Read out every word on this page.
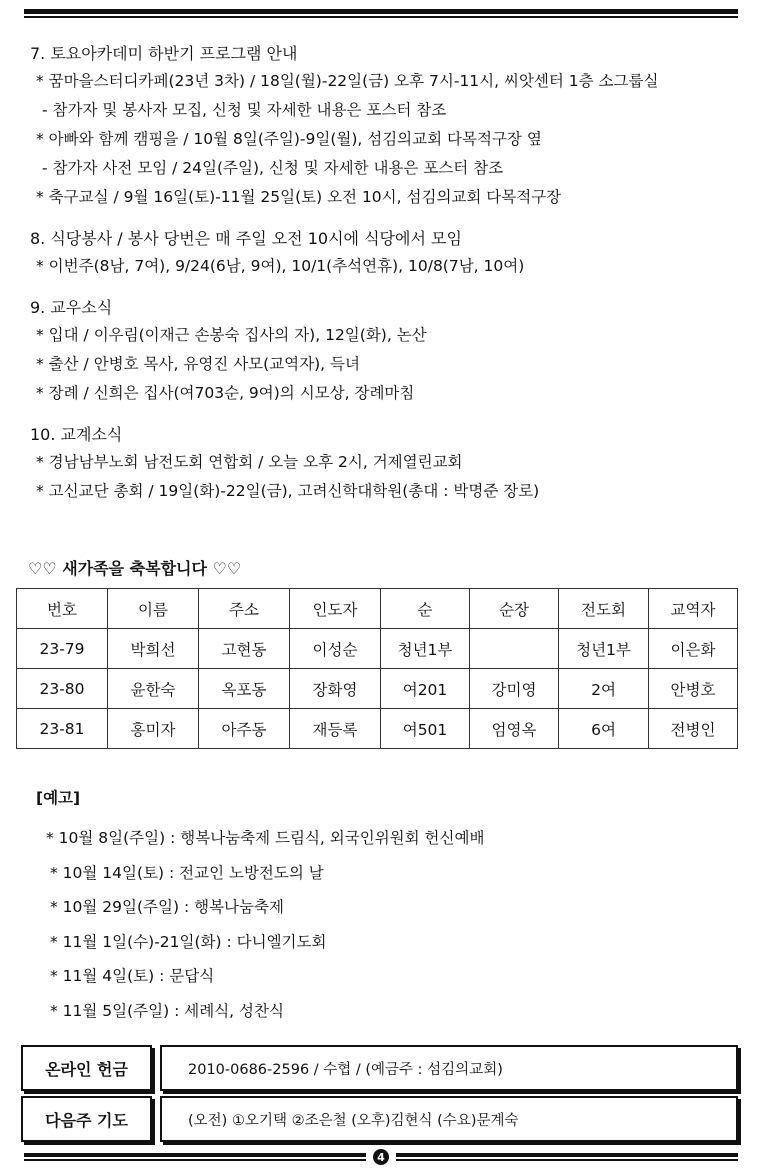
7. 토요아카데미 하반기 프로그램 안내
* 꿈마을스터디카페(23년 3차) / 18일(월)-22일(금) 오후 7시-11시, 씨앗센터 1층 소그룹실
- 참가자 및 봉사자 모집, 신청 및 자세한 내용은 포스터 참조
* 아빠와 함께 캠핑을 / 10월 8일(주일)-9일(월), 섬김의교회 다목적구장 옆
- 참가자 사전 모임 / 24일(주일), 신청 및 자세한 내용은 포스터 참조
* 축구교실 / 9월 16일(토)-11월 25일(토) 오전 10시, 섬김의교회 다목적구장
8. 식당봉사 / 봉사 당번은 매 주일 오전 10시에 식당에서 모임
* 이번주(8남, 7여), 9/24(6남, 9여), 10/1(추석연휴), 10/8(7남, 10여)
9. 교우소식
* 입대 / 이우림(이재근 손봉숙 집사의 자), 12일(화), 논산
* 출산 / 안병호 목사, 유영진 사모(교역자), 득녀
* 장례 / 신희은 집사(여703순, 9여)의 시모상, 장례마침
10. 교계소식
* 경남남부노회 남전도회 연합회 / 오늘 오후 2시, 거제열린교회
* 고신교단 총회 / 19일(화)-22일(금), 고려신학대학원(총대 : 박명준 장로)
♡♡ 새가족을 축복합니다 ♡♡
번호	이름	주소	인도자	순	순장	전도회	교역자
23-79	박희선	고현동	이성순	청년1부		청년1부	이은화
23-80	윤한숙	옥포동	장화영	여201	강미영	2여	안병호
23-81	홍미자	아주동	재등록	여501	엄영옥	6여	전병인
[예고]
* 10월 8일(주일) : 행복나눔축제 드림식, 외국인위원회 헌신예배
* 10월 14일(토) : 전교인 노방전도의 날
* 10월 29일(주일) : 행복나눔축제
* 11월 1일(수)-21일(화) : 다니엘기도회
* 11월 4일(토) : 문답식
* 11월 5일(주일) : 세례식, 성찬식
온라인 헌금	2010-0686-2596 / 수협 / (예금주 : 섬김의교회)
다음주 기도	(오전) ①오기택 ②조은철 (오후)김현식 (수요)문계숙
4
